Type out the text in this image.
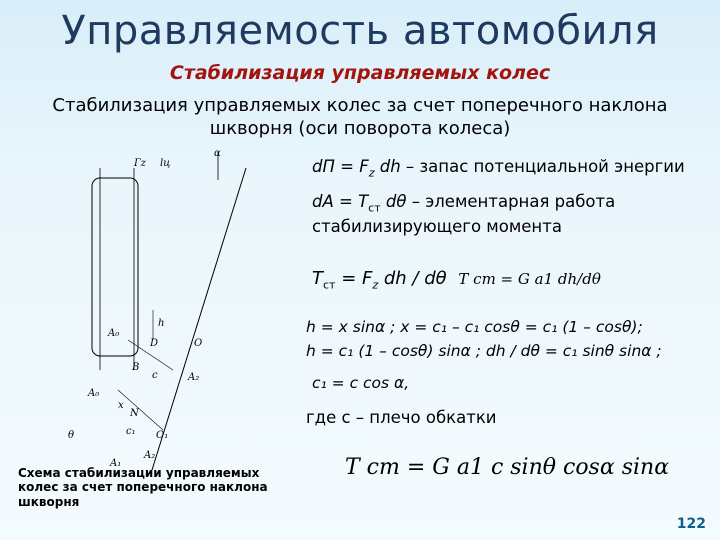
Управляемость автомобиля
Стабилизация управляемых колес
Стабилизация управляемых колес за счет поперечного наклона шкворня (оси поворота колеса)
Гz lц
α
A₀
D	O
B
c	A₂
A₀
x
N
c₁ O₁
θ
A₁
A₂
h
dП = $F_z$ dh – запас потенциальной энергии
dA = $T_{ст}$ dθ – элементарная работа
стабилизирующего момента
$T_{ст} = F_z$ dh / dθ T ст = G a1 dh/dθ
h = x sinα ; x = c₁ – c₁ cosθ = c₁ (1 – cosθ);
h = c₁ (1 – cosθ) sinα ; dh / dθ = c₁ sinθ sinα ;
c₁ = c cos α,
где c – плечо обкатки
T ст = G a1 c sinθ cosα sinα
Схема стабилизации управляемых колес за счет поперечного наклона шкворня
122
